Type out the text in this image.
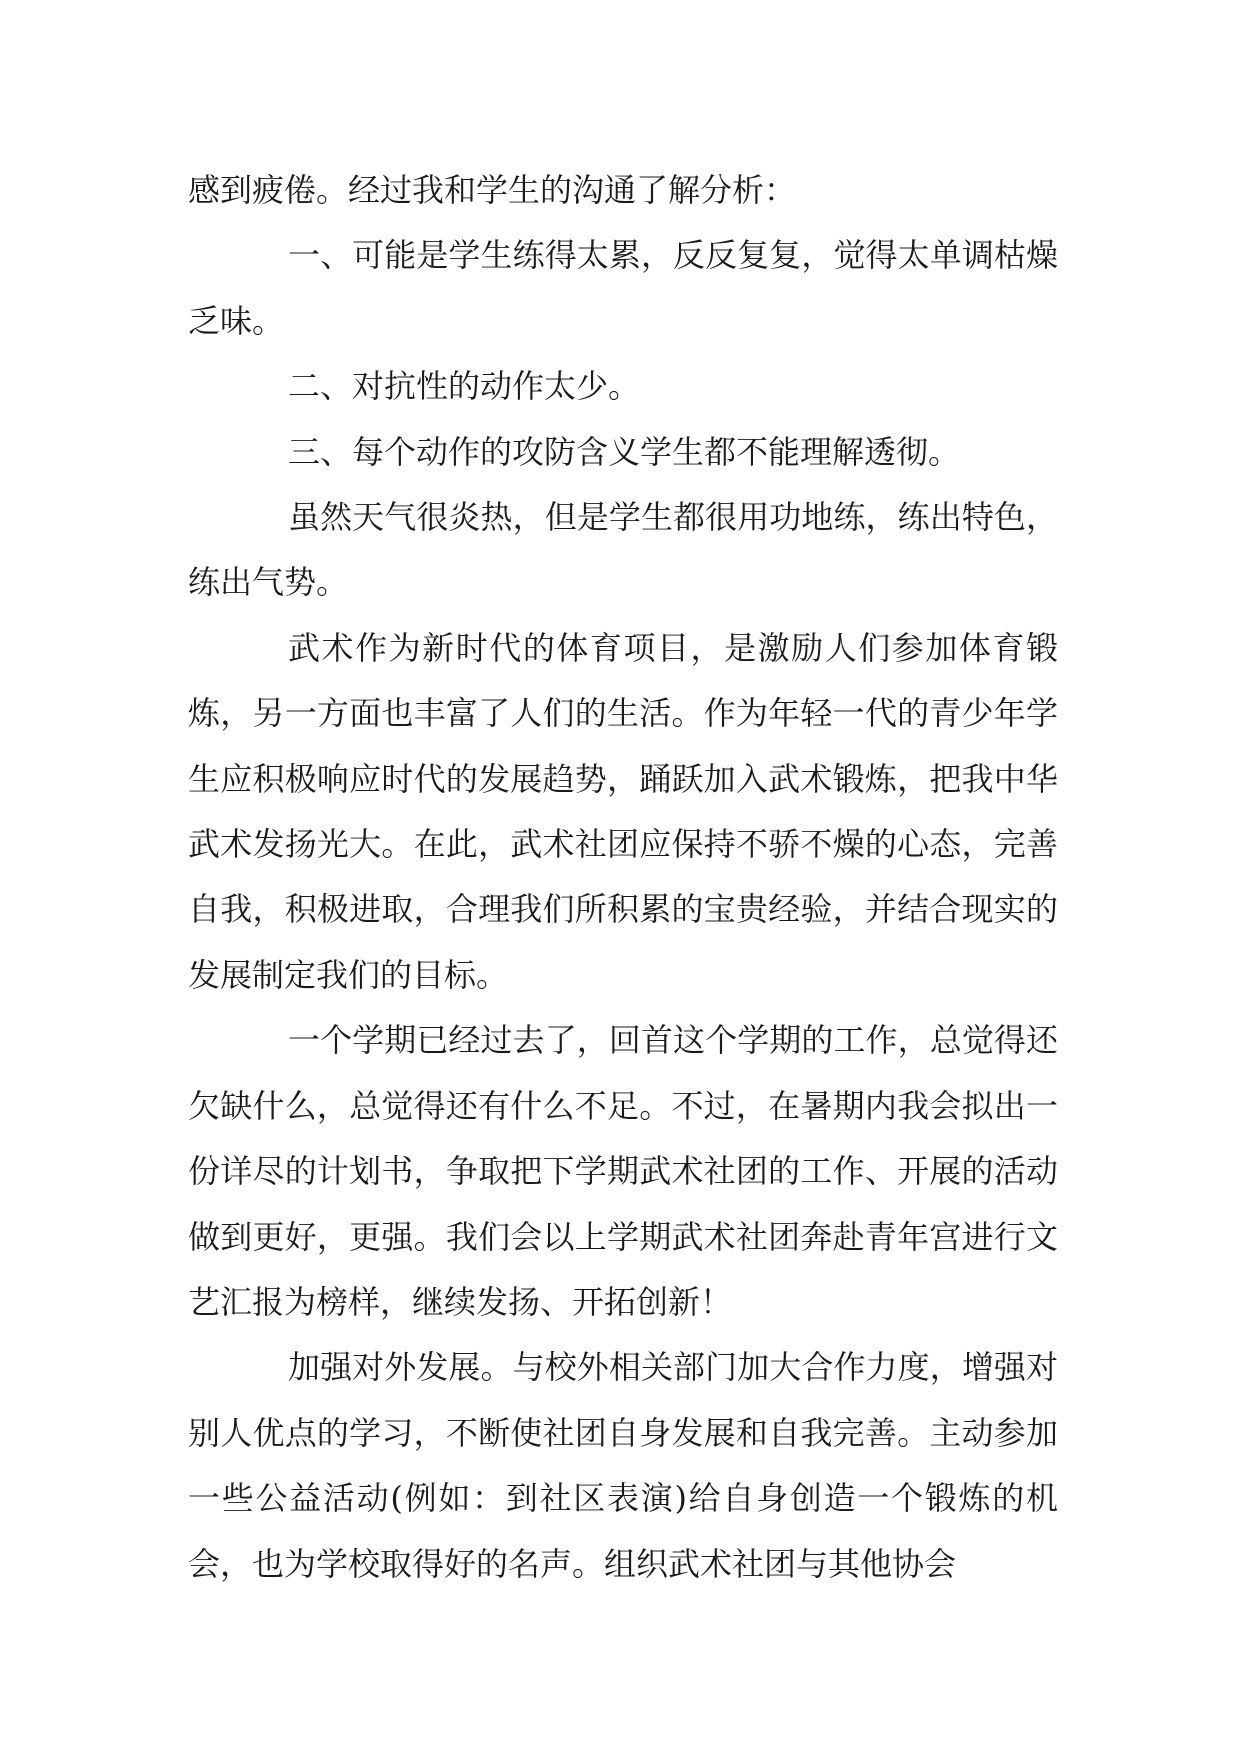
感到疲倦。经过我和学生的沟通了解分析：

一、可能是学生练得太累，反反复复，觉得太单调枯燥乏味。

二、对抗性的动作太少。

三、每个动作的攻防含义学生都不能理解透彻。

虽然天气很炎热，但是学生都很用功地练，练出特色，练出气势。

武术作为新时代的体育项目，是激励人们参加体育锻炼，另一方面也丰富了人们的生活。作为年轻一代的青少年学生应积极响应时代的发展趋势，踊跃加入武术锻炼，把我中华武术发扬光大。在此，武术社团应保持不骄不燥的心态，完善自我，积极进取，合理我们所积累的宝贵经验，并结合现实的发展制定我们的目标。

一个学期已经过去了，回首这个学期的工作，总觉得还欠缺什么，总觉得还有什么不足。不过，在暑期内我会拟出一份详尽的计划书，争取把下学期武术社团的工作、开展的活动做到更好，更强。我们会以上学期武术社团奔赴青年宫进行文艺汇报为榜样，继续发扬、开拓创新！

加强对外发展。与校外相关部门加大合作力度，增强对别人优点的学习，不断使社团自身发展和自我完善。主动参加一些公益活动(例如：到社区表演)给自身创造一个锻炼的机会，也为学校取得好的名声。组织武术社团与其他协会
